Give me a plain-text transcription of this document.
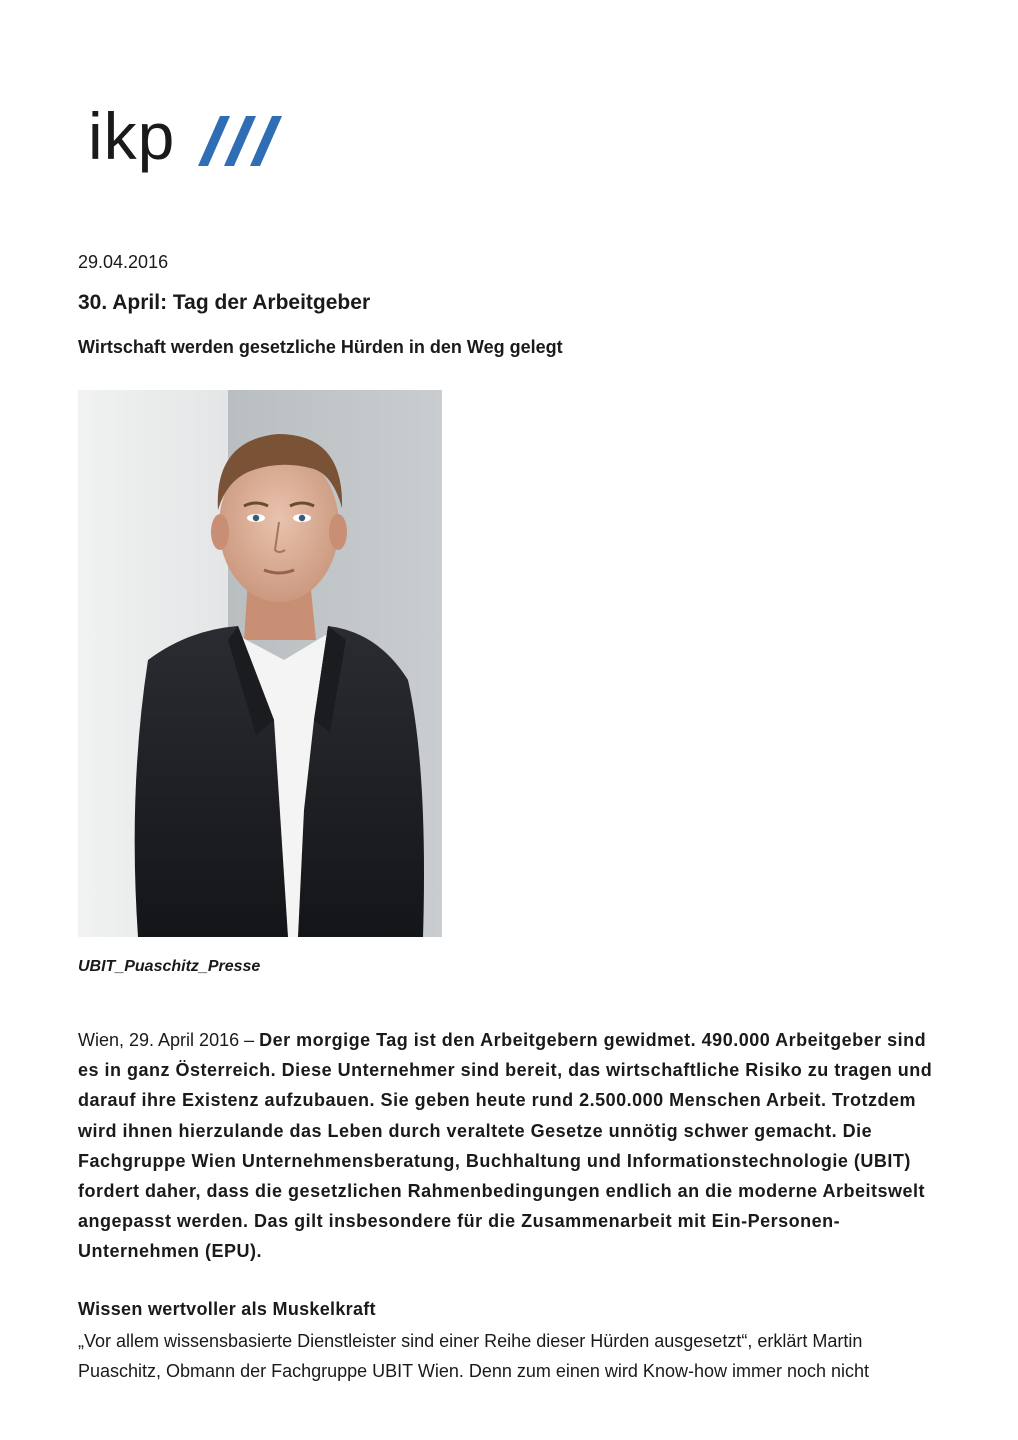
ikp
29.04.2016
30. April: Tag der Arbeitgeber
Wirtschaft werden gesetzliche Hürden in den Weg gelegt
UBIT_Puaschitz_Presse

Wien, 29. April 2016 – Der morgige Tag ist den Arbeitgebern gewidmet. 490.000 Arbeitgeber sind es in ganz Österreich. Diese Unternehmer sind bereit, das wirtschaftliche Risiko zu tragen und darauf ihre Existenz aufzubauen. Sie geben heute rund 2.500.000 Menschen Arbeit. Trotzdem wird ihnen hierzulande das Leben durch veraltete Gesetze unnötig schwer gemacht. Die Fachgruppe Wien Unternehmensberatung, Buchhaltung und Informationstechnologie (UBIT) fordert daher, dass die gesetzlichen Rahmenbedingungen endlich an die moderne Arbeitswelt angepasst werden. Das gilt insbesondere für die Zusammenarbeit mit Ein-Personen-Unternehmen (EPU).

Wissen wertvoller als Muskelkraft

„Vor allem wissensbasierte Dienstleister sind einer Reihe dieser Hürden ausgesetzt“, erklärt Martin Puaschitz, Obmann der Fachgruppe UBIT Wien. Denn zum einen wird Know-how immer noch nicht
